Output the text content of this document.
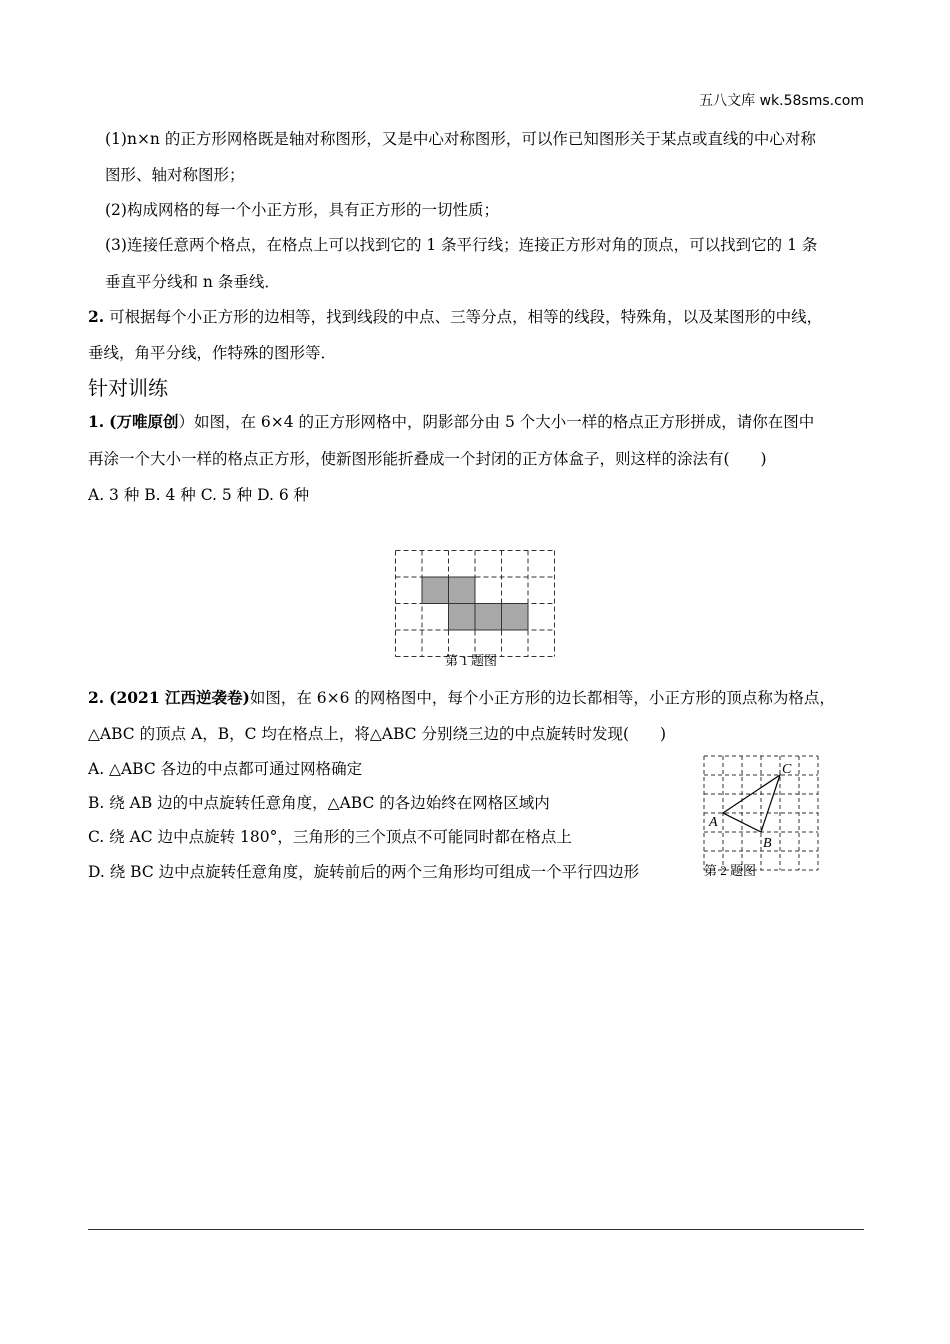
五八文库 wk.58sms.com
(1)n×n 的正方形网格既是轴对称图形，又是中心对称图形，可以作已知图形关于某点或直线的中心对称
图形、轴对称图形；
(2)构成网格的每一个小正方形，具有正方形的一切性质；
(3)连接任意两个格点，在格点上可以找到它的 1 条平行线；连接正方形对角的顶点，可以找到它的 1 条
垂直平分线和 n 条垂线．
2. 可根据每个小正方形的边相等，找到线段的中点、三等分点，相等的线段，特殊角，以及某图形的中线，
垂线，角平分线，作特殊的图形等．
针对训练
1. (万唯原创）如图，在 6×4 的正方形网格中，阴影部分由 5 个大小一样的格点正方形拼成，请你在图中
再涂一个大小一样的格点正方形，使新图形能折叠成一个封闭的正方体盒子，则这样的涂法有(　　)
A. 3 种 B. 4 种 C. 5 种 D. 6 种
第 1 题图
2. (2021 江西逆袭卷)如图，在 6×6 的网格图中，每个小正方形的边长都相等，小正方形的顶点称为格点，
△ABC 的顶点 A，B，C 均在格点上，将△ABC 分别绕三边的中点旋转时发现(　　)
A. △ABC 各边的中点都可通过网格确定
B. 绕 AB 边的中点旋转任意角度，△ABC 的各边始终在网格区域内
C. 绕 AC 边中点旋转 180°，三角形的三个顶点不可能同时都在格点上
D. 绕 BC 边中点旋转任意角度，旋转前后的两个三角形均可组成一个平行四边形
A
B
C
第 2 题图
